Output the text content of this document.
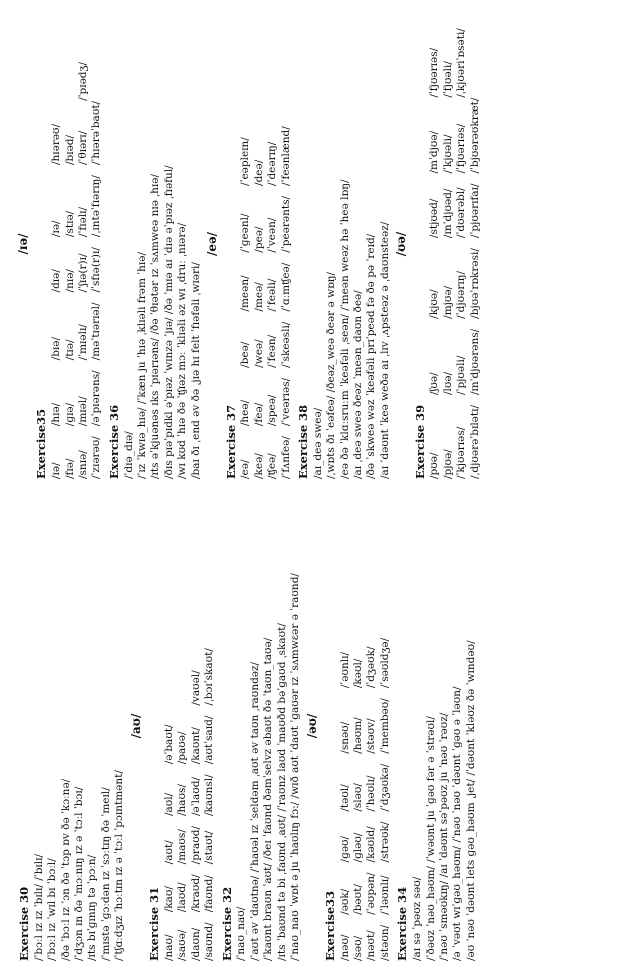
Exercise 30 /ˈbɔːl ɪz ɪz ˈbɪlɪ/ /ˈbɪlɪ/ /ˈbɔːl ɪz ˈwɪl bɪ ˈbɔːl/ /ðə ˈbɔːl ɪz ˈɔn ðə ˈtɔp ɒv ðə ˈkɔːnə/ /ˈdʒɔn ɪn ðə ˈmɔːnɪŋ ɪz ə ˈtɔːl ˈbɔɪ/ /ɪts bɪˈɡɪnɪŋ tə ˈpɔːn/ /ˈmɪstə ˈɡɔːdən ɪz ˈsɔːtɪŋ ðə ˈmeɪl/ /ˈtʃɑːdʒɪz ˈhɔːtɪn ɪz ə ˈtɔːl ˈpɔɪntmənt/
/aʊ/
Exercise 31 /naʊ/	/kaʊ/	/aʊt/	/aʊl/	/əˈbaʊt/	
/saʊə/	/laʊd/	/maʊs/	/haʊs/	/paʊə/	
/daʊn/	/kraʊd/	/praʊd/	/əˈlaʊd/	/kaʊnt/	/vaʊəl/
/saʊnd/	/faʊnd/	/staʊt/	/kaʊnsl/	/aʊtˈsaɪd/	/ˌbɔɪˈskaʊt/
Exercise 32 /ˈnaʊ_naʊ/ /ˈaʊt əv ˈdaʊtnə/ /ˈhaʊəl ɪz ˈseldəm ˌaʊt əv taʊn ˌraʊndəz/ /ˈkaʊnt braʊn ˈaʊt/ /ðeɪ ˈfaʊnd ðəmˈselvz əbaʊt ðə ˈtaʊn_taʊə/ /ɪts ˈbaʊnd tə bi ˌfaʊnd ˌaʊt/ /ˈraʊnz laʊd ˈmaʊðd bəˈɡaʊd ˌskaʊt/ /ˈnaʊ_naʊ ˈwɒt ə ju ˈhaʊlɪŋ fɔ:/ /wɪð aʊt ˈdaʊt ˈɡaʊər ɪz ˈsʌmwɛər ə ˈraʊnd/ /əʊ/
Exercise33 /nəʊ/	/əʊk/	/ɡəʊ/	/təʊl/	/snəʊ/	/ˈəʊnlɪ/
/səʊ/	/bəʊt/	/ɡləʊ/	/sləʊ/	/həʊm/	/kəʊl/
/nəʊt/	/ˈəʊpən/	/kəʊld/	/ˈhəʊlɪ/	/stəʊv/	/ˈdʒəʊk/
/stəʊn/	/ˈləʊnlɪ/	/strəʊk/	/ˈdʒəʊkə/	/ˈmembəʊ/	/ˈsəʊldʒə/
Exercise 34 /aɪ sə ˈpəʊz səʊ/ /ˈðəʊz ˈnəʊ_həʊm/ /ˈwəʊnt ju ˈɡəʊ fər ə ˈstrəʊl/ /ˈnəʊ ˈsməʊkɪŋ/ /aɪ ˈdəʊnt səˈpəʊz ju ˈnəʊ ˈrəʊz/ /ə ˈvəʊt wɪˈɡəʊ_həʊm/ /ˈnəʊ ˈnəʊ ˈdəʊnt ˈɡəʊ ə ˈləʊn/ /əʊ ˈnəʊ ˈdəʊnt lets ɡəʊ_həʊm ˌjet/ /ˈdəʊnt ˈkləʊz ðə ˈwɪndəʊ/
/ɪə/
Exercise35 /ɪə/	/hɪə/	/bɪə/	/dɪə/	/ɪə/	/hɪərəʊ/	
/fɪə/	/ɡɪə/	/tɪə/	/nɪə/	/stɪə/	/bɪəd/	
/snɪə/	/mɪəl/	/ˈmɪəlɪ/	/ˈʃɪə(r)ɪ/	/ˈfɪəlɪ/	/ˈθɪərɪ/	/ˈpɪədʒ/
/ˈzɪərəʊ/	/əˈpɪərəns/	/məˈtɪərɪəl/	/ˈsfɪə(r)ɪ/	/ˌɪntəˈfɪərɪŋ/	/ˈhɪərəˈbaʊt/	
Exercise 36 /ˈdɪə_dɪə/ /ˈɪz ˈkwɪə_hɪə/ /ˈkæn ju ˈhɪə ˌklɪəli frəm ˈhɪə/ /ɪts əˈkjuənəs ɪks ˈpɪərɪəns/ /ðə ˈθɪətər ɪz ˈsʌmweə nɪə ˌhɪə/ /ðɪs pɪəˈpɪdkl əˈpɪəz ˈwɪnzə ˈjɪə/ /ðə ˈmɪə aɪ ˈdɪə əˈpɪəz ˌfɪəful/ /wɪ kʊd ˈhɪə ðə ˈʧɪəz mɔː ˈklɪəli əz wɪ ˌdruː ˌnɪərə/ /baɪ ðɪ ˌend əv ðə ˌjɪə hɪ felt ˈfɪəfəli ˌwɪəri/
/eə/
Exercise 37 /eə/	/heə/	/beə/	/meən/	/ˈɡeənl/	/ˈeəpleɪn/
/keə/	/feə/	/weə/	/meə/	/peə/	/deə/
/ʧeə/	/speə/	/ˈfeən/	/ˈfeəli/	/ˈveən/	/ˈdeərɪŋ/
/ˈfʌnfeə/	/ˈveərɪəs/	/ˈskeəsli/	/ˈɑːmʧeə/	/ˈpeərənts/	/ˈfeənlænd/
Exercise 38 /aɪ_deə sweə/ /ˌwɒts ðɪ ˈeəfeə/ /ðeəz_weə ðeər ə wɒŋ/ /eə ðə ˈklɑːsruːm ˈkeəfəli ˌseən/ /ˈmeən weəz hə ˈheə lɒŋ/ /aɪ ˌdeə sweə ðeəz ˈmeən_daʊn ðeə/ /ðə ˈskweə wəz ˈkeəfəli prɪˈpeəd fə ðə pə ˈreɪd/ /aɪ ˈdəʊnt ˈkeə weðə aɪ ˌlɪv ˌʌpsteəz ə ˌdaʊnsteəz/ /ʊə/
Exercise 39 /pʊə/	/ʃʊə/	/kjʊə/	/stjʊəd/	/mˈdjʊə/	/ˈfjʊərɪəs/
/pjʊə/	/lʊə/	/mjʊə/	/ɪnˈdjʊəd/	/ˈkjʊəli/	/ˈfjʊəli/
/ˈkjʊərɪəs/	/ˈpjʊəli/	/ˈdjʊərɪŋ/	/ˈdʊərəbl/	/ˈfjʊərɪəs/	/ˌkjʊəriˈɒsəti/
/ˌdjʊərəˈbɪlətɪ/	/ɪnˈdjʊərəns/	/bjʊəˈrɒkrəsi/	/ˈpjʊərɪfaɪ/	/ˈbjʊərəʊkræt/	
